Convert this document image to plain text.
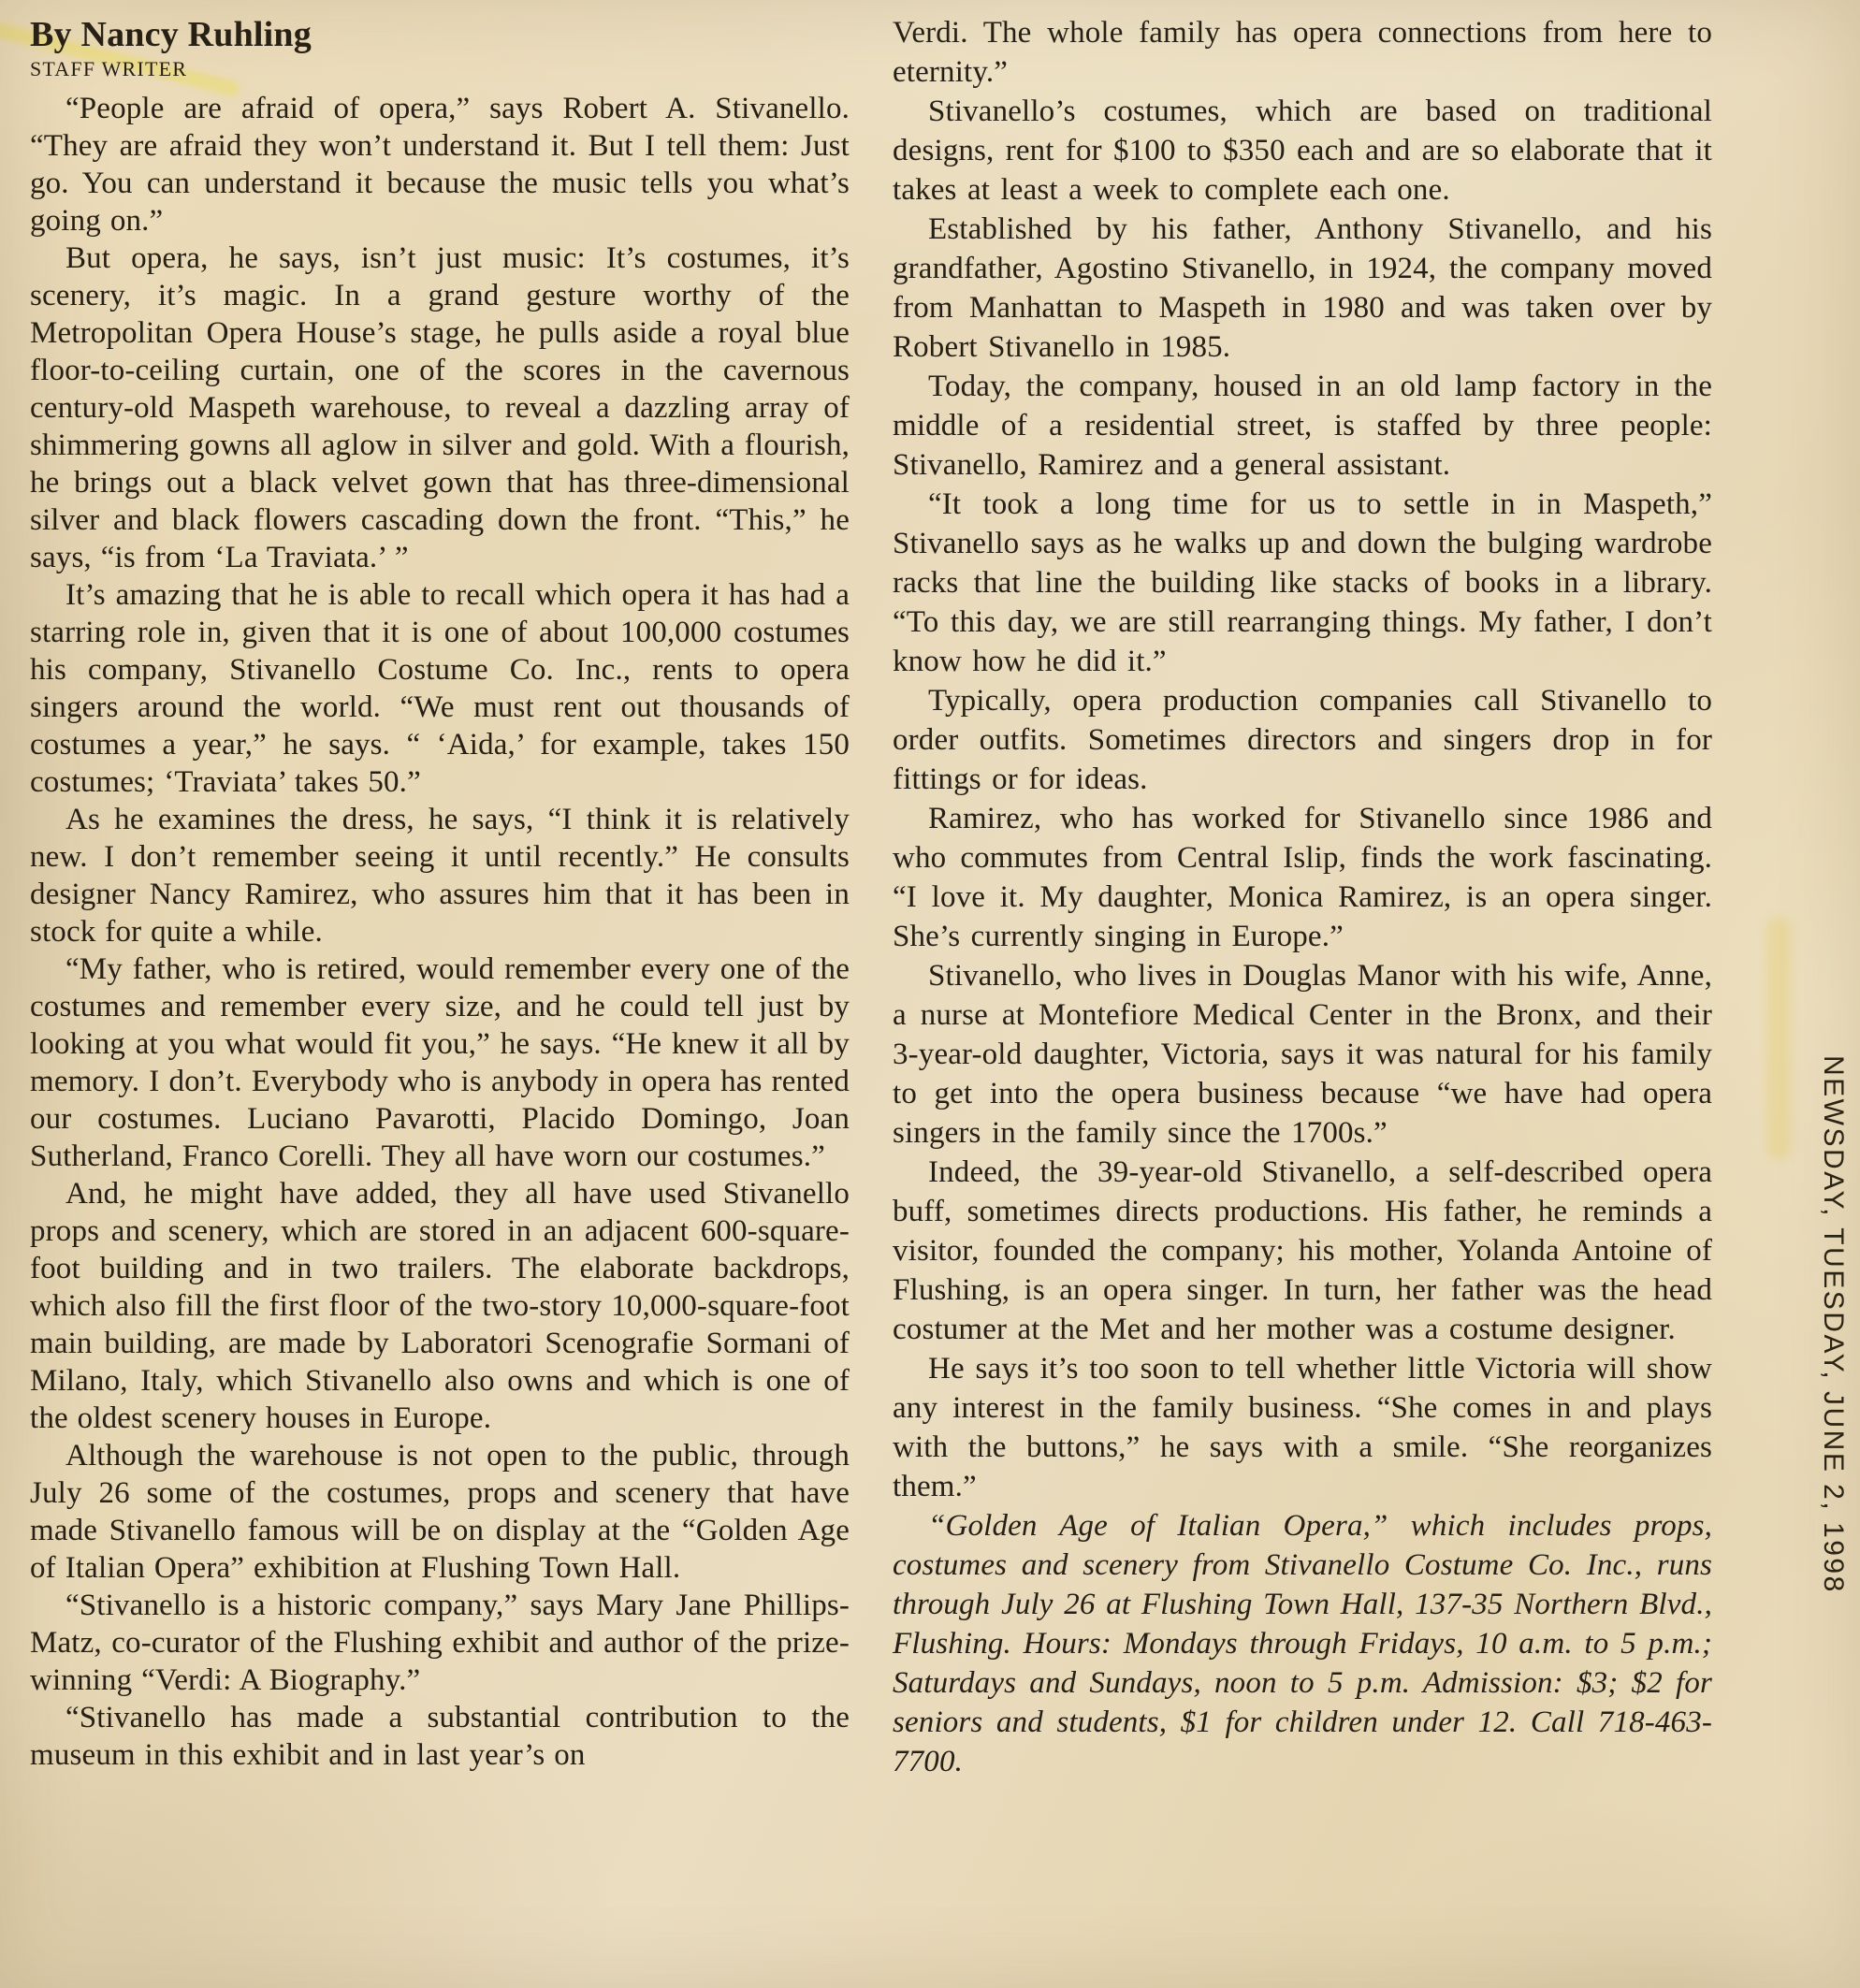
By Nancy Ruhling
STAFF WRITER

“People are afraid of opera,” says Robert A. Stivanello. “They are afraid they won’t understand it. But I tell them: Just go. You can understand it because the music tells you what’s going on.”

But opera, he says, isn’t just music: It’s costumes, it’s scenery, it’s magic. In a grand gesture worthy of the Metropolitan Opera House’s stage, he pulls aside a royal blue floor-to-ceiling curtain, one of the scores in the cavernous century-old Maspeth warehouse, to reveal a dazzling array of shimmering gowns all aglow in silver and gold. With a flourish, he brings out a black velvet gown that has three-dimensional silver and black flowers cascading down the front. “This,” he says, “is from ‘La Traviata.’ ”

It’s amazing that he is able to recall which opera it has had a starring role in, given that it is one of about 100,000 costumes his company, Stivanello Costume Co. Inc., rents to opera singers around the world. “We must rent out thousands of costumes a year,” he says. “ ‘Aida,’ for example, takes 150 costumes; ‘Traviata’ takes 50.”

As he examines the dress, he says, “I think it is relatively new. I don’t remember seeing it until recently.” He consults designer Nancy Ramirez, who assures him that it has been in stock for quite a while.

“My father, who is retired, would remember every one of the costumes and remember every size, and he could tell just by looking at you what would fit you,” he says. “He knew it all by memory. I don’t. Everybody who is anybody in opera has rented our costumes. Luciano Pavarotti, Placido Domingo, Joan Sutherland, Franco Corelli. They all have worn our costumes.”

And, he might have added, they all have used Stivanello props and scenery, which are stored in an adjacent 600-square-foot building and in two trailers. The elaborate backdrops, which also fill the first floor of the two-story 10,000-square-foot main building, are made by Laboratori Scenografie Sormani of Milano, Italy, which Stivanello also owns and which is one of the oldest scenery houses in Europe.

Although the warehouse is not open to the public, through July 26 some of the costumes, props and scenery that have made Stivanello famous will be on display at the “Golden Age of Italian Opera” exhibition at Flushing Town Hall.

“Stivanello is a historic company,” says Mary Jane Phillips-Matz, co-curator of the Flushing exhibit and author of the prize-winning “Verdi: A Biography.”

“Stivanello has made a substantial contribution to the museum in this exhibit and in last year’s on

Verdi. The whole family has opera connections from here to eternity.”

Stivanello’s costumes, which are based on traditional designs, rent for $100 to $350 each and are so elaborate that it takes at least a week to complete each one.

Established by his father, Anthony Stivanello, and his grandfather, Agostino Stivanello, in 1924, the company moved from Manhattan to Maspeth in 1980 and was taken over by Robert Stivanello in 1985.

Today, the company, housed in an old lamp factory in the middle of a residential street, is staffed by three people: Stivanello, Ramirez and a general assistant.

“It took a long time for us to settle in in Maspeth,” Stivanello says as he walks up and down the bulging wardrobe racks that line the building like stacks of books in a library. “To this day, we are still rearranging things. My father, I don’t know how he did it.”

Typically, opera production companies call Stivanello to order outfits. Sometimes directors and singers drop in for fittings or for ideas.

Ramirez, who has worked for Stivanello since 1986 and who commutes from Central Islip, finds the work fascinating. “I love it. My daughter, Monica Ramirez, is an opera singer. She’s currently singing in Europe.”

Stivanello, who lives in Douglas Manor with his wife, Anne, a nurse at Montefiore Medical Center in the Bronx, and their 3-year-old daughter, Victoria, says it was natural for his family to get into the opera business because “we have had opera singers in the family since the 1700s.”

Indeed, the 39-year-old Stivanello, a self-described opera buff, sometimes directs productions. His father, he reminds a visitor, founded the company; his mother, Yolanda Antoine of Flushing, is an opera singer. In turn, her father was the head costumer at the Met and her mother was a costume designer.

He says it’s too soon to tell whether little Victoria will show any interest in the family business. “She comes in and plays with the buttons,” he says with a smile. “She reorganizes them.”

“Golden Age of Italian Opera,” which includes props, costumes and scenery from Stivanello Costume Co. Inc., runs through July 26 at Flushing Town Hall, 137-35 Northern Blvd., Flushing. Hours: Mondays through Fridays, 10 a.m. to 5 p.m.; Saturdays and Sundays, noon to 5 p.m. Admission: $3; $2 for seniors and students, $1 for children under 12. Call 718-463-7700.

NEWSDAY, TUESDAY, JUNE 2, 1998
